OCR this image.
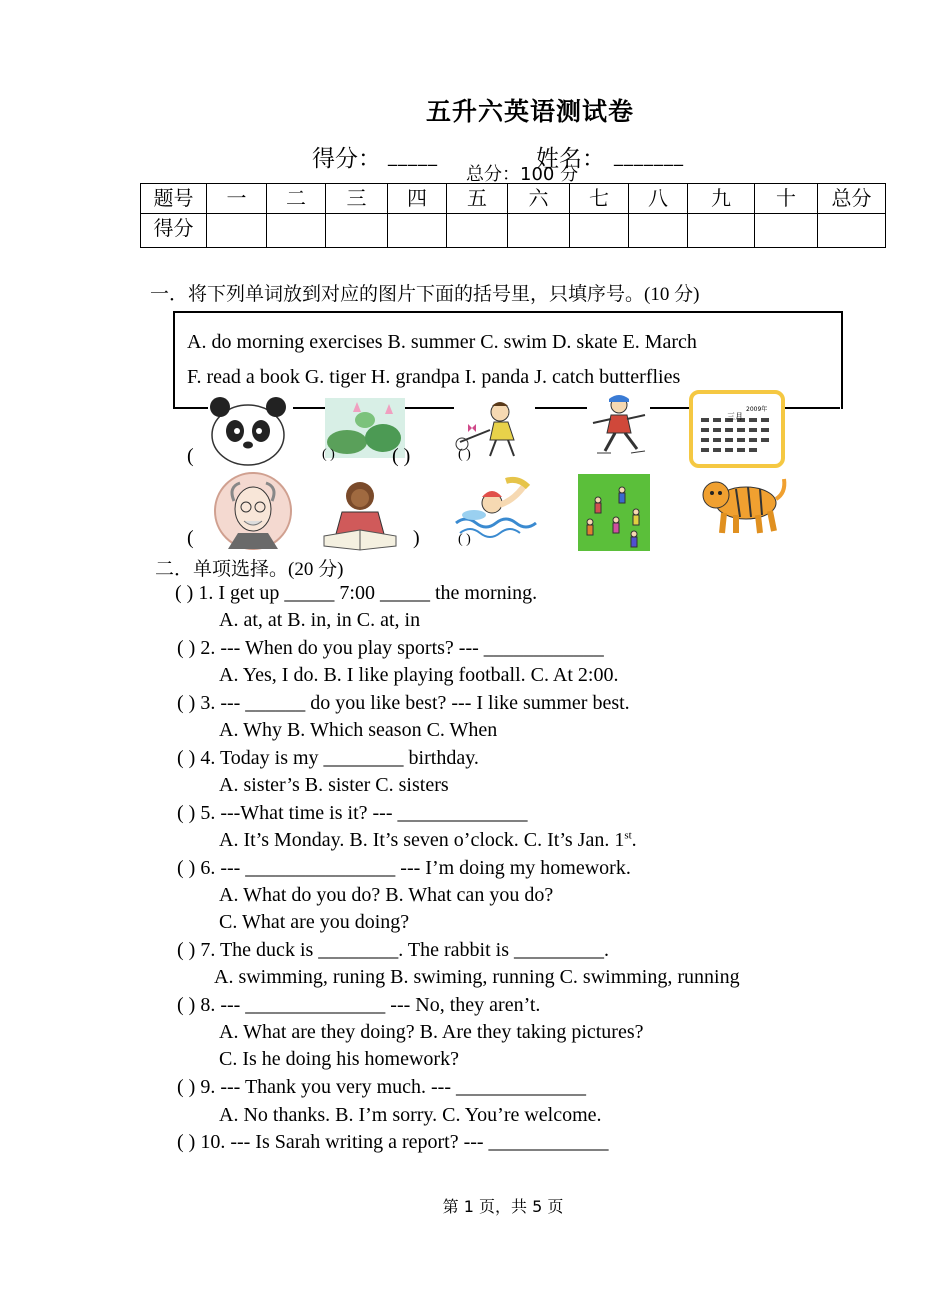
五升六英语测试卷
得分： _____
总分：100 分
姓名： _______
题号	一	二	三	四	五	六	七	八	九	十	总分
得分											
一．将下列单词放到对应的图片下面的括号里，只填序号。(10 分)
A. do morning exercises B. summer C. swim D. skate E. March
F. read a book G. tiger H. grandpa I. panda J. catch butterflies
三月
2009年
(	( )	( )	( )
(	)	( )
二．单项选择。(20 分)
( ) 1. I get up _____ 7:00 _____ the morning.
A. at, at B. in, in C. at, in
( ) 2. --- When do you play sports? --- ____________
A. Yes, I do. B. I like playing football. C. At 2:00.
( ) 3. --- ______ do you like best? --- I like summer best.
A. Why B. Which season C. When
( ) 4. Today is my ________ birthday.
A. sister’s B. sister C. sisters
( ) 5. ---What time is it? --- _____________
A. It’s Monday. B. It’s seven o’clock. C. It’s Jan. 1st.
( ) 6. --- _______________ --- I’m doing my homework.
A. What do you do? B. What can you do?
C. What are you doing?
( ) 7. The duck is ________. The rabbit is _________.
A. swimming, runing B. swiming, running C. swimming, running
( ) 8. --- ______________ --- No, they aren’t.
A. What are they doing? B. Are they taking pictures?
C. Is he doing his homework?
( ) 9. --- Thank you very much. --- _____________
A. No thanks. B. I’m sorry. C. You’re welcome.
( ) 10. --- Is Sarah writing a report? --- ____________
第 1 页，共 5 页
